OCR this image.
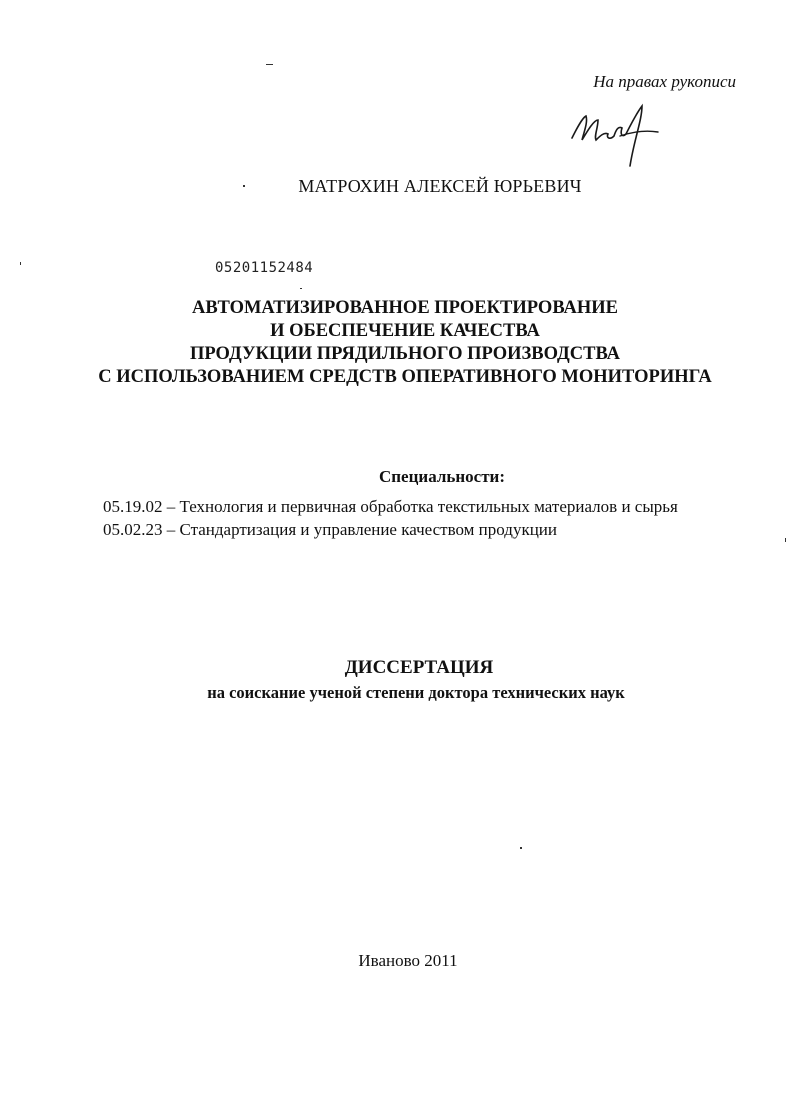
На правах рукописи
МАТРОХИН АЛЕКСЕЙ ЮРЬЕВИЧ
05201152484
АВТОМАТИЗИРОВАННОЕ ПРОЕКТИРОВАНИЕ
И ОБЕСПЕЧЕНИЕ КАЧЕСТВА
ПРОДУКЦИИ ПРЯДИЛЬНОГО ПРОИЗВОДСТВА
С ИСПОЛЬЗОВАНИЕМ СРЕДСТВ ОПЕРАТИВНОГО МОНИТОРИНГА
Специальности:
05.19.02 – Технология и первичная обработка текстильных материалов и сырья
05.02.23 – Стандартизация и управление качеством продукции
ДИССЕРТАЦИЯ
на соискание ученой степени доктора технических наук
Иваново 2011
